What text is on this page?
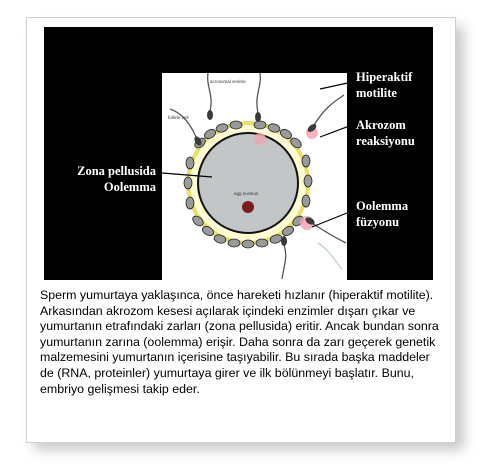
egg nucleus
acrosomal vesicle
follicle cell
Hiperaktif
motilite
Akrozom
reaksiyonu
Zona pellusida
Oolemma
Oolemma
füzyonu
Sperm yumurtaya yaklaşınca, önce hareketi hızlanır (hiperaktif motilite). Arkasından akrozom kesesi açılarak içindeki enzimler dışarı çıkar ve yumurtanın etrafındaki zarları (zona pellusida) eritir. Ancak bundan sonra yumurtanın zarına (oolemma) erişir. Daha sonra da zarı geçerek genetik malzemesini yumurtanın içerisine taşıyabilir. Bu sırada başka maddeler de (RNA, proteinler) yumurtaya girer ve ilk bölünmeyi başlatır. Bunu, embriyo gelişmesi takip eder.
